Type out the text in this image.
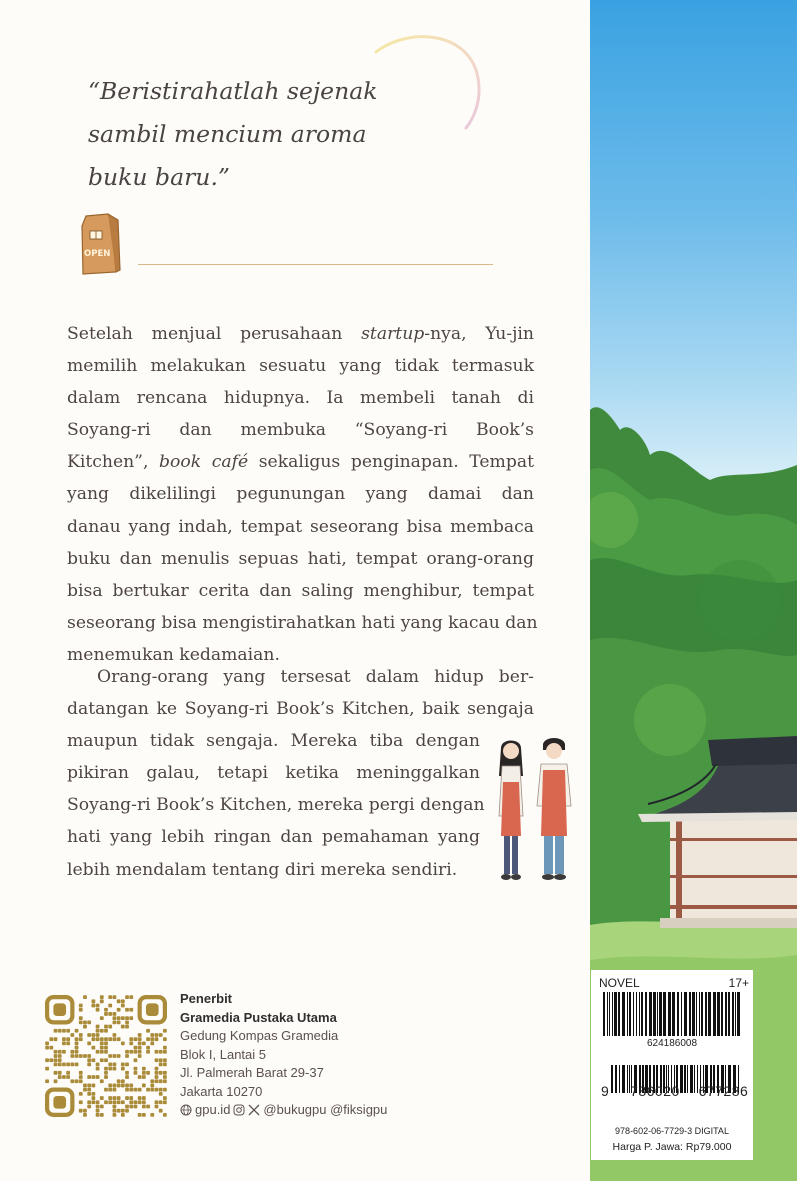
“Beristirahatlah sejenak
sambil mencium aroma
buku baru.”

OPEN

Setelah menjual perusahaan startup-nya, Yu-jin
memilih melakukan sesuatu yang tidak termasuk
dalam rencana hidupnya. Ia membeli tanah di
Soyang-ri dan membuka “Soyang-ri Book’s
Kitchen”, book café sekaligus penginapan. Tempat
yang dikelilingi pegunungan yang damai dan
danau yang indah, tempat seseorang bisa membaca
buku dan menulis sepuas hati, tempat orang-orang
bisa bertukar cerita dan saling menghibur, tempat
seseorang bisa mengistirahatkan hati yang kacau dan
menemukan kedamaian.

Orang-orang yang tersesat dalam hidup ber-
datangan ke Soyang-ri Book’s Kitchen, baik sengaja
maupun tidak sengaja. Mereka tiba dengan
pikiran galau, tetapi ketika meninggalkan
Soyang-ri Book’s Kitchen, mereka pergi dengan
hati yang lebih ringan dan pemahaman yang
lebih mendalam tentang diri mereka sendiri.

Penerbit
Gramedia Pustaka Utama
Gedung Kompas Gramedia
Blok I, Lantai 5
Jl. Palmerah Barat 29-37
Jakarta 10270
gpu.id	@bukugpu @fiksigpu
NOVEL	17+
624186008
9 786020 677286
978-602-06-7729-3 DIGITAL
Harga P. Jawa: Rp79.000
